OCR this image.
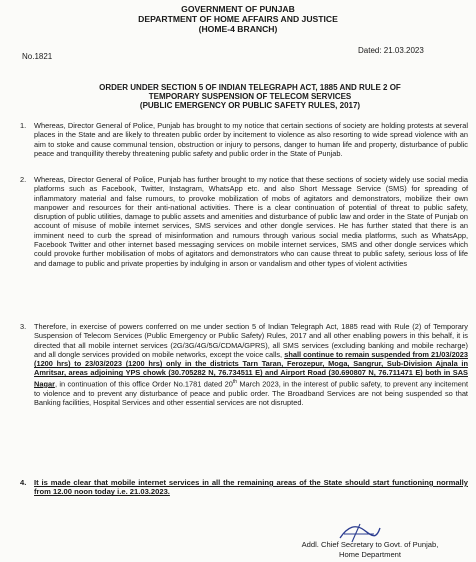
GOVERNMENT OF PUNJAB
DEPARTMENT OF HOME AFFAIRS AND JUSTICE
(HOME-4 BRANCH)
No.1821
Dated: 21.03.2023
ORDER UNDER SECTION 5 OF INDIAN TELEGRAPH ACT, 1885 AND RULE 2 OF
TEMPORARY SUSPENSION OF TELECOM SERVICES
(PUBLIC EMERGENCY OR PUBLIC SAFETY RULES, 2017)
1.	Whereas, Director General of Police, Punjab has brought to my notice that certain sections of society are holding protests at several places in the State and are likely to threaten public order by incitement to violence as also resorting to wide spread violence with an aim to stoke and cause communal tension, obstruction or injury to persons, danger to human life and property, disturbance of public peace and tranquillity thereby threatening public safety and public order in the State of Punjab.
2.	Whereas, Director General of Police, Punjab has further brought to my notice that these sections of society widely use social media platforms such as Facebook, Twitter, Instagram, WhatsApp etc. and also Short Message Service (SMS) for spreading of inflammatory material and false rumours, to provoke mobilization of mobs of agitators and demonstrators, mobilize their own manpower and resources for their anti-national activities. There is a clear continuation of potential of threat to public safety, disruption of public utilities, damage to public assets and amenities and disturbance of public law and order in the State of Punjab on account of misuse of mobile internet services, SMS services and other dongle services. He has further stated that there is an imminent need to curb the spread of misinformation and rumours through various social media platforms, such as WhatsApp, Facebook Twitter and other internet based messaging services on mobile internet services, SMS and other dongle services which could provoke further mobilisation of mobs of agitators and demonstrators who can cause threat to public safety, serious loss of life and damage to public and private properties by indulging in arson or vandalism and other types of violent activities
3.	Therefore, in exercise of powers conferred on me under section 5 of Indian Telegraph Act, 1885 read with Rule (2) of Temporary Suspension of Telecom Services (Public Emergency or Public Safety) Rules, 2017 and all other enabling powers in this behalf, it is directed that all mobile internet services (2G/3G/4G/5G/CDMA/GPRS), all SMS services (excluding banking and mobile recharge) and all dongle services provided on mobile networks, except the voice calls, shall continue to remain suspended from 21/03/2023 (1200 hrs) to 23/03/2023 (1200 hrs) only in the districts Tarn Taran, Ferozepur, Moga, Sangrur, Sub-Division Ajnala in Amritsar, areas adjoining YPS chowk (30.705282 N, 76.734511 E) and Airport Road (30.690807 N, 76.711471 E) both in SAS Nagar, in continuation of this office Order No.1781 dated 20th March 2023, in the interest of public safety, to prevent any incitement to violence and to prevent any disturbance of peace and public order. The Broadband Services are not being suspended so that Banking facilities, Hospital Services and other essential services are not disrupted.
4.	It is made clear that mobile internet services in all the remaining areas of the State should start functioning normally from 12.00 noon today i.e. 21.03.2023.
Addl. Chief Secretary to Govt. of Punjab,
Home Department
